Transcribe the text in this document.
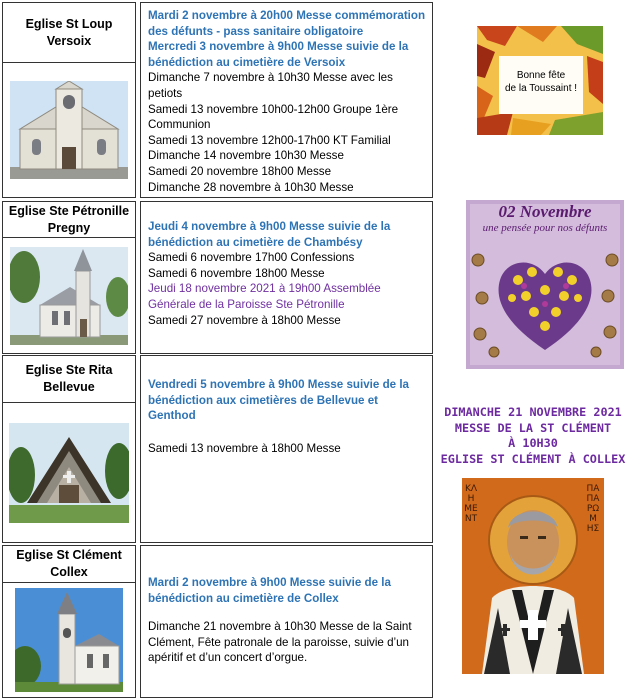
Eglise St Loup
Versoix
Mardi 2 novembre à 20h00 Messe commémoration des défunts - pass sanitaire obligatoire
Mercredi 3 novembre à 9h00 Messe suivie de la bénédiction au cimetière de Versoix
Dimanche 7 novembre à 10h30 Messe avec les petiots
Samedi 13 novembre 10h00-12h00 Groupe 1ère Communion
Samedi 13 novembre 12h00-17h00 KT Familial
Dimanche 14 novembre 10h30 Messe
Samedi 20 novembre 18h00 Messe
Dimanche 28 novembre à 10h30 Messe
Eglise Ste Pétronille
Pregny	Jeudi 4 novembre à 9h00 Messe suivie de la bénédiction au cimetière de Chambésy
Samedi 6 novembre 17h00 Confessions
Samedi 6 novembre 18h00 Messe
Jeudi 18 novembre 2021 à 19h00 Assemblée Générale de la Paroisse Ste Pétronille
Samedi 27 novembre à 18h00 Messe
Eglise Ste Rita
Bellevue	Vendredi 5 novembre à 9h00 Messe suivie de la bénédiction aux cimetières de Bellevue et Genthod
Samedi 13 novembre à 18h00 Messe
Eglise St Clément
Collex
Mardi 2 novembre à 9h00 Messe suivie de la bénédiction au cimetière de Collex
Dimanche 21 novembre à 10h30 Messe de la Saint Clément, Fête patronale de la paroisse, suivie d’un apéritif et d’un concert d’orgue.
Bonne fête
de la Toussaint !
02 Novembre
une pensée pour nos défunts
DIMANCHE 21 NOVEMBRE 2021
MESSE DE LA ST CLÉMENT
À 10H30
EGLISE ST CLÉMENT À COLLEX
ΚΛΗΜΕΝΤ
ΠΑΠΑ ΡΩΜΗΣ
